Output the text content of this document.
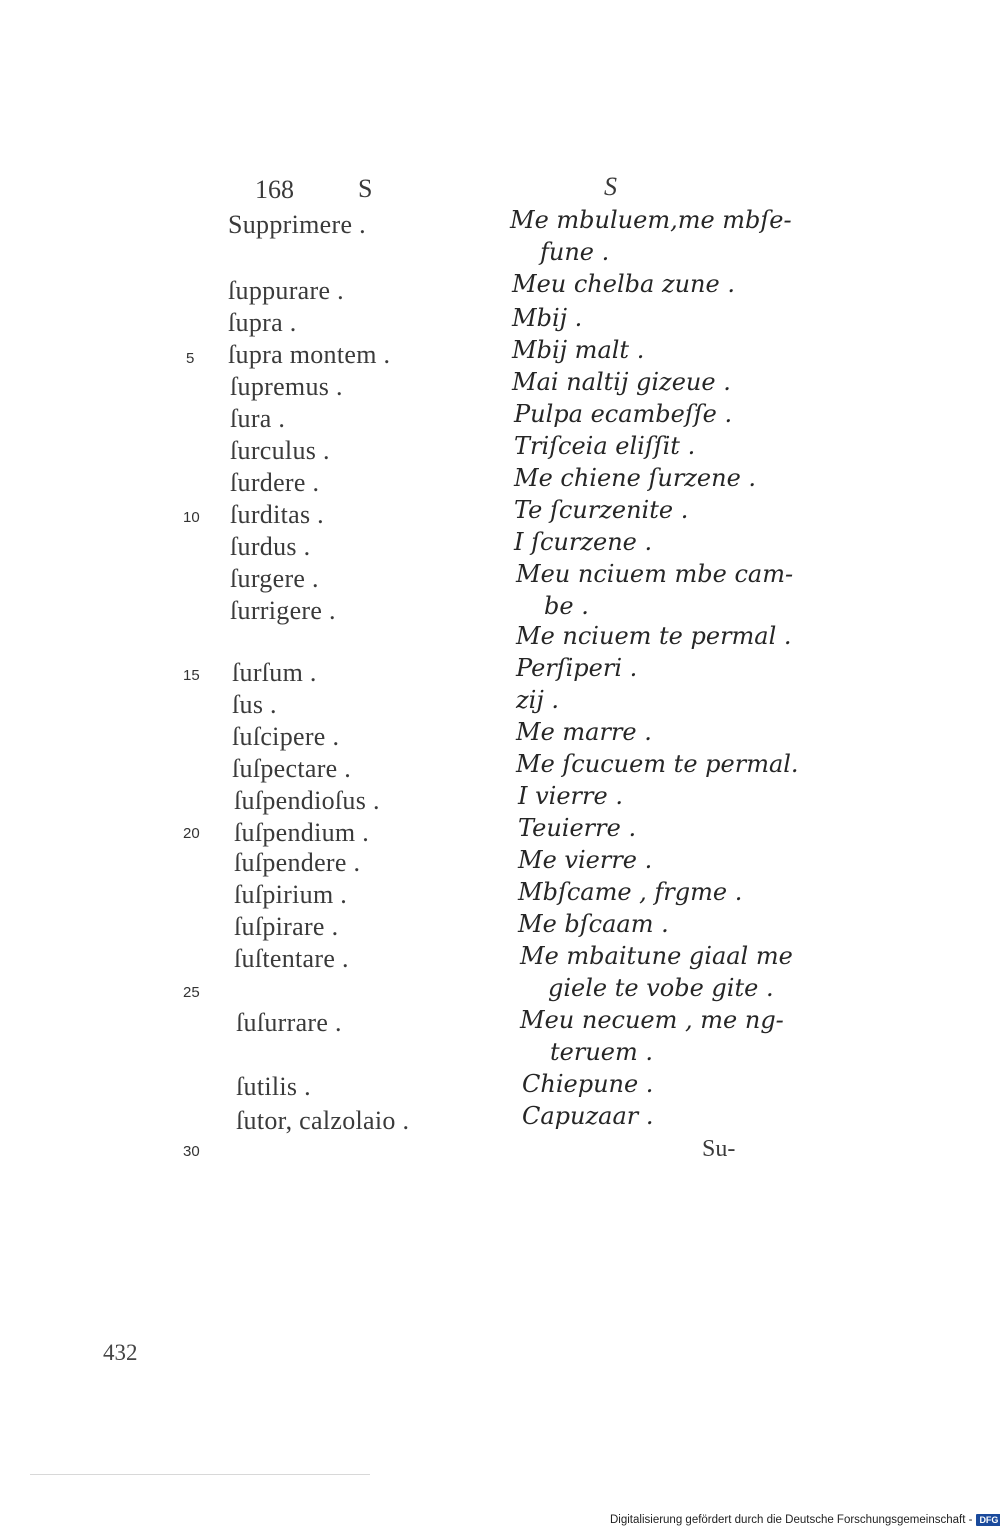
168 S	S
Supprimere .
ſuppurare .
ſupra .
ſupra montem .
ſupremus .
ſura .
ſurculus .
ſurdere .
ſurditas .
ſurdus .
ſurgere .
ſurrigere .
ſurſum .
ſus .
ſuſcipere .
ſuſpectare .
ſuſpendioſus .
ſuſpendium .
ſuſpendere .
ſuſpirium .
ſuſpirare .
ſuſtentare .
ſuſurrare .
ſutilis .
ſutor, calzolaio .
Me mbuluem,me mbſe-
fune .
Meu chelba zune .
Mbij .
Mbij malt .
Mai naltij gizeue .
Pulpa ecambeſſe .
Triſceia eliſſit .
Me chiene ſurzene .
Te ſcurzenite .
I ſcurzene .
Meu nciuem mbe cam-
be .
Me nciuem te permal .
Perſiperi .
zij .
Me marre .
Me ſcucuem te permal.
I vierre .
Teuierre .
Me vierre .
Mbſcame , frgme .
Me bſcaam .
Me mbaitune giaal me
giele te vobe gite .
Meu necuem , me ng-
teruem .
Chiepune .
Capuzaar .
5
10
15
20
25
30	Su-
432
Digitalisierung gefördert durch die Deutsche Forschungsgemeinschaft - DFG
